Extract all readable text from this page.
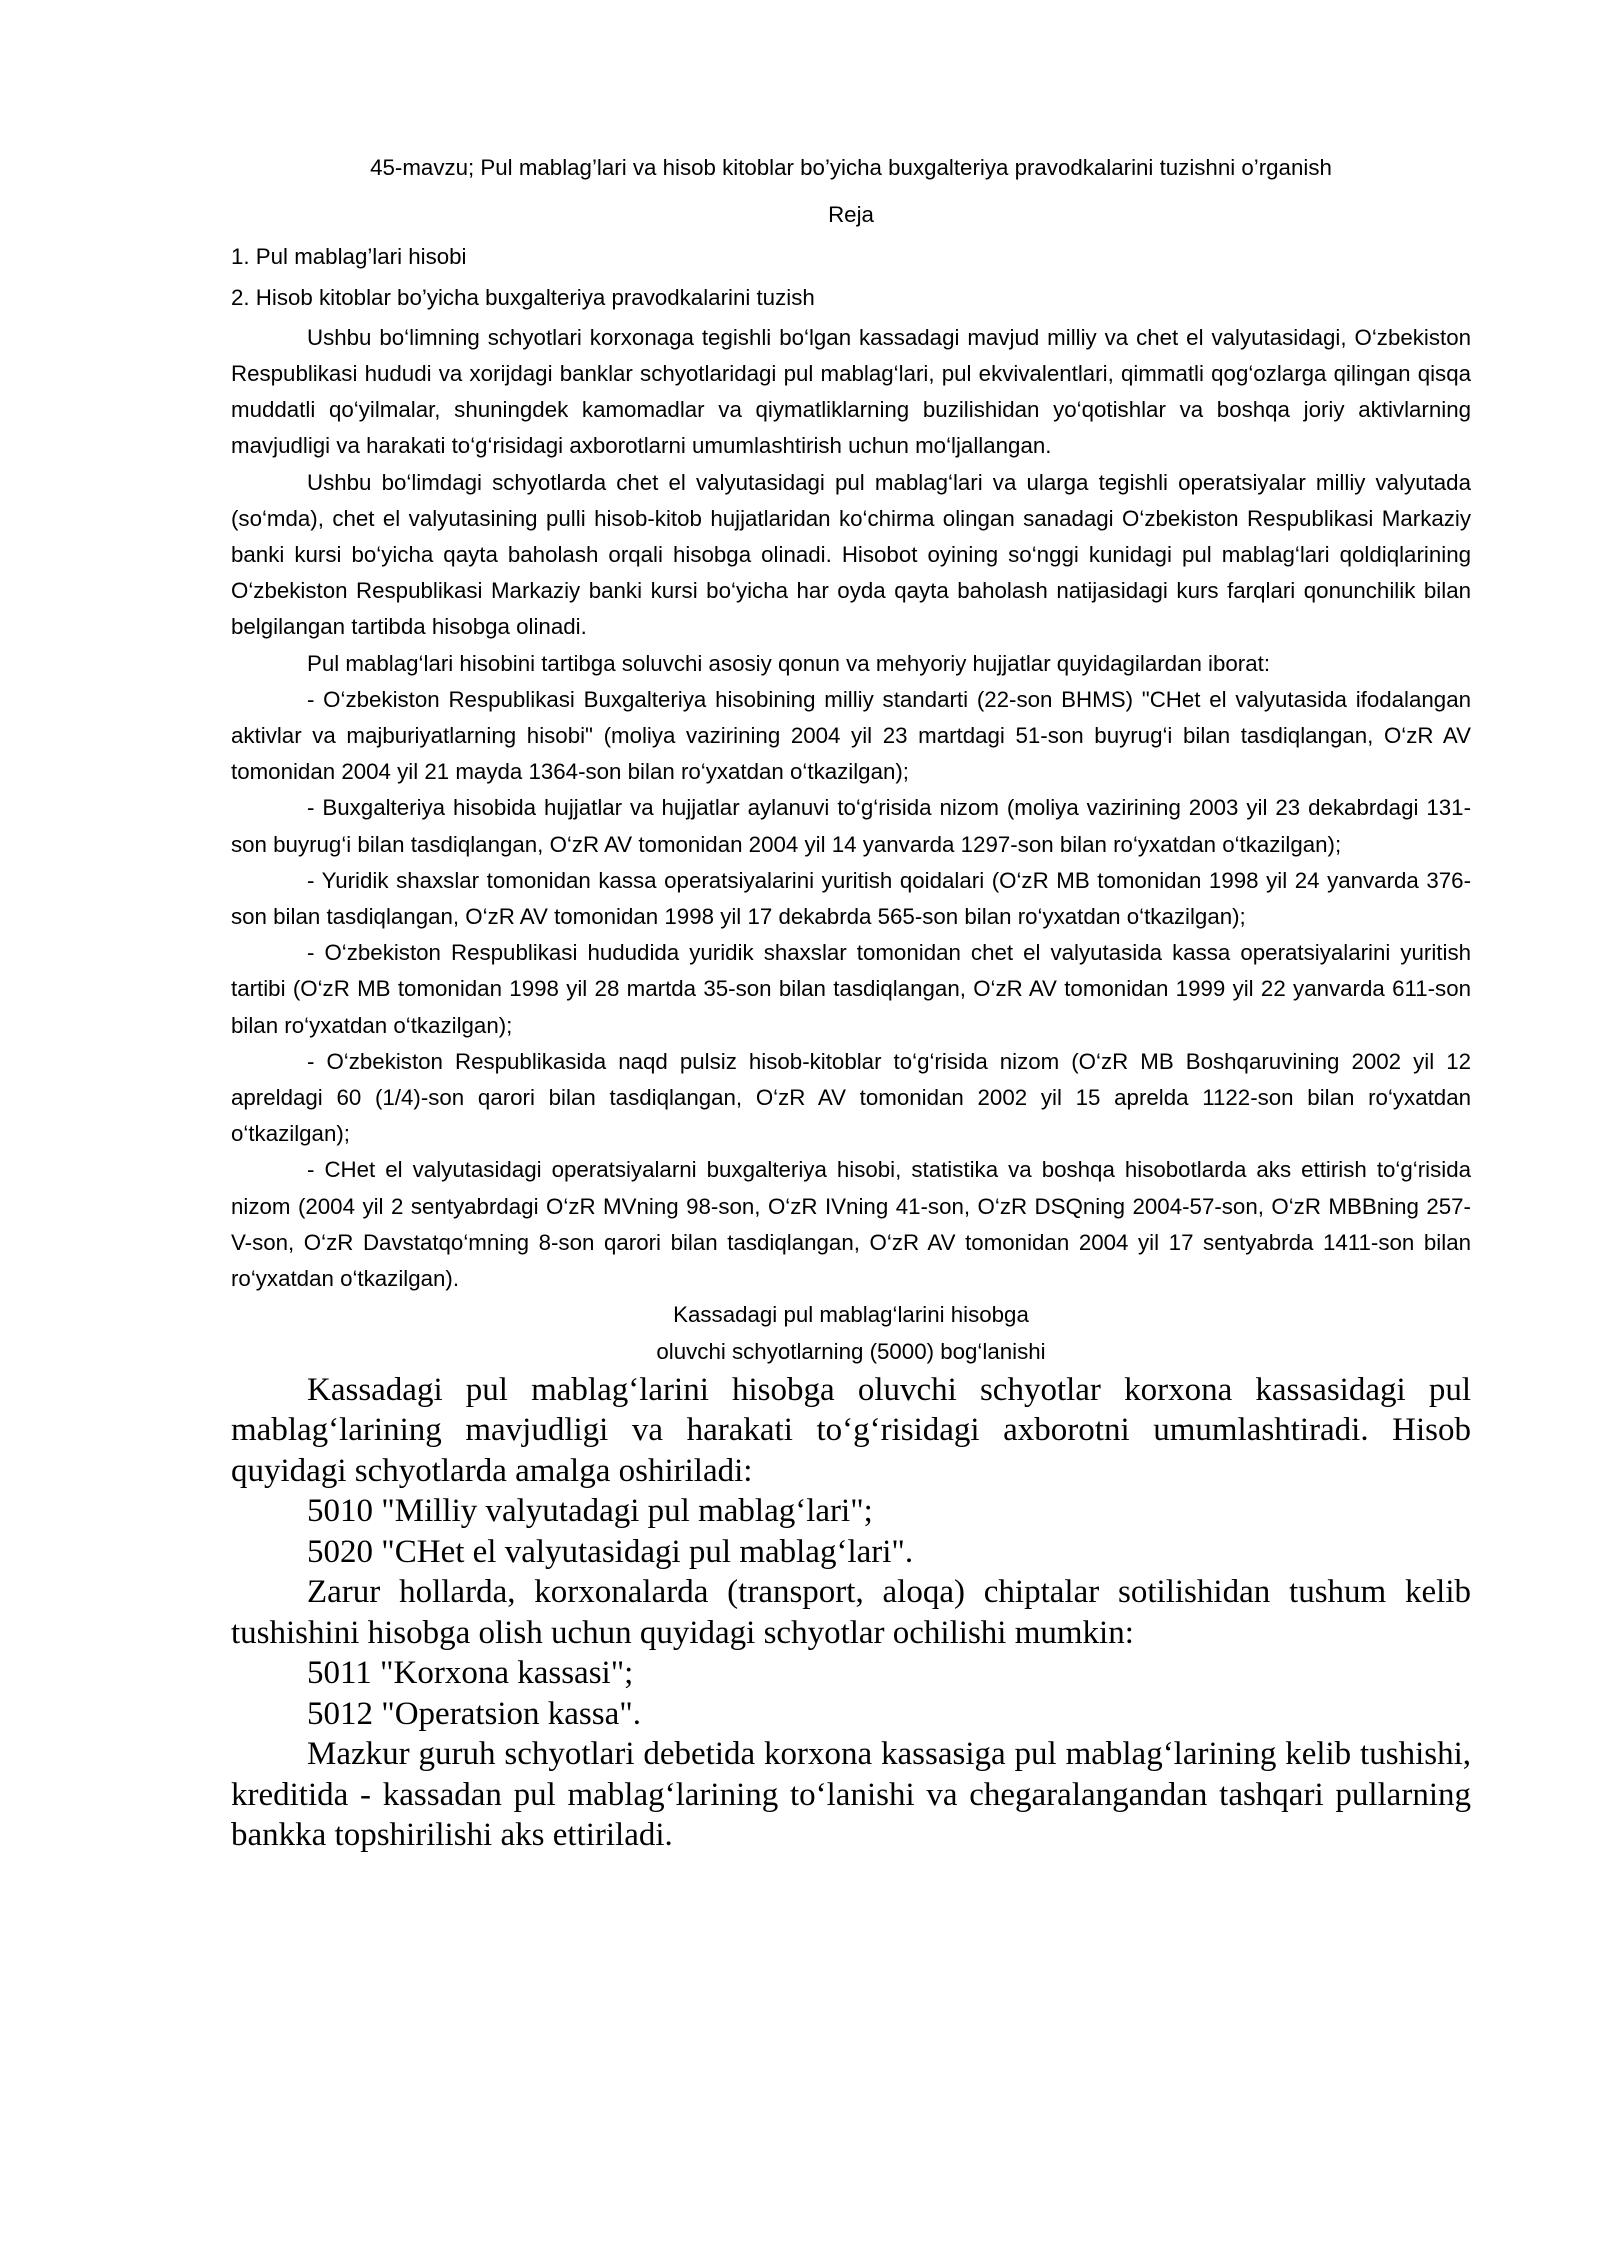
45-mavzu; Pul mablag’lari va hisob kitoblar bo’yicha buxgalteriya pravodkalarini tuzishni o’rganish

Reja

1. Pul mablag’lari hisobi

2. Hisob kitoblar bo’yicha buxgalteriya pravodkalarini tuzish

Ushbu bo‘limning schyotlari korxonaga tegishli bo‘lgan kassadagi mavjud milliy va chet el valyutasidagi, O‘zbekiston Respublikasi hududi va xorijdagi banklar schyotlaridagi pul mablag‘lari, pul ekvivalentlari, qimmatli qog‘ozlarga qilingan qisqa muddatli qo‘yilmalar, shuningdek kamomadlar va qiymatliklarning buzilishidan yo‘qotishlar va boshqa joriy aktivlarning mavjudligi va harakati to‘g‘risidagi axborotlarni umumlashtirish uchun mo‘ljallangan.

Ushbu bo‘limdagi schyotlarda chet el valyutasidagi pul mablag‘lari va ularga tegishli operatsiyalar milliy valyutada (so‘mda), chet el valyutasining pulli hisob-kitob hujjatlaridan ko‘chirma olingan sanadagi O‘zbekiston Respublikasi Markaziy banki kursi bo‘yicha qayta baholash orqali hisobga olinadi. Hisobot oyining so‘nggi kunidagi pul mablag‘lari qoldiqlarining O‘zbekiston Respublikasi Markaziy banki kursi bo‘yicha har oyda qayta baholash natijasidagi kurs farqlari qonunchilik bilan belgilangan tartibda hisobga olinadi.

Pul mablag‘lari hisobini tartibga soluvchi asosiy qonun va mehyoriy hujjatlar quyidagilardan iborat:

- O‘zbekiston Respublikasi Buxgalteriya hisobining milliy standarti (22-son BHMS) "CHet el valyutasida ifodalangan aktivlar va majburiyatlarning hisobi" (moliya vazirining 2004 yil 23 martdagi 51-son buyrug‘i bilan tasdiqlangan, O‘zR AV tomonidan 2004 yil 21 mayda 1364-son bilan ro‘yxatdan o‘tkazilgan);

- Buxgalteriya hisobida hujjatlar va hujjatlar aylanuvi to‘g‘risida nizom (moliya vazirining 2003 yil 23 dekabrdagi 131-son buyrug‘i bilan tasdiqlangan, O‘zR AV tomonidan 2004 yil 14 yanvarda 1297-son bilan ro‘yxatdan o‘tkazilgan);

- Yuridik shaxslar tomonidan kassa operatsiyalarini yuritish qoidalari (O‘zR MB tomonidan 1998 yil 24 yanvarda 376-son bilan tasdiqlangan, O‘zR AV tomonidan 1998 yil 17 dekabrda 565-son bilan ro‘yxatdan o‘tkazilgan);

- O‘zbekiston Respublikasi hududida yuridik shaxslar tomonidan chet el valyutasida kassa operatsiyalarini yuritish tartibi (O‘zR MB tomonidan 1998 yil 28 martda 35-son bilan tasdiqlangan, O‘zR AV tomonidan 1999 yil 22 yanvarda 611-son bilan ro‘yxatdan o‘tkazilgan);

- O‘zbekiston Respublikasida naqd pulsiz hisob-kitoblar to‘g‘risida nizom (O‘zR MB Boshqaruvining 2002 yil 12 apreldagi 60 (1/4)-son qarori bilan tasdiqlangan, O‘zR AV tomonidan 2002 yil 15 aprelda 1122-son bilan ro‘yxatdan o‘tkazilgan);

- CHet el valyutasidagi operatsiyalarni buxgalteriya hisobi, statistika va boshqa hisobotlarda aks ettirish to‘g‘risida nizom (2004 yil 2 sentyabrdagi O‘zR MVning 98-son, O‘zR IVning 41-son, O‘zR DSQning 2004-57-son, O‘zR MBBning 257-V-son, O‘zR Davstatqo‘mning 8-son qarori bilan tasdiqlangan, O‘zR AV tomonidan 2004 yil 17 sentyabrda 1411-son bilan ro‘yxatdan o‘tkazilgan).

Kassadagi pul mablag‘larini hisobga

oluvchi schyotlarning (5000) bog‘lanishi

Kassadagi pul mablag‘larini hisobga oluvchi schyotlar korxona kassasidagi pul mablag‘larining mavjudligi va harakati to‘g‘risidagi axborotni umumlashtiradi. Hisob quyidagi schyotlarda amalga oshiriladi:

5010 "Milliy valyutadagi pul mablag‘lari";

5020 "CHet el valyutasidagi pul mablag‘lari".

Zarur hollarda, korxonalarda (transport, aloqa) chiptalar sotilishidan tushum kelib tushishini hisobga olish uchun quyidagi schyotlar ochilishi mumkin:

5011 "Korxona kassasi";

5012 "Operatsion kassa".

Mazkur guruh schyotlari debetida korxona kassasiga pul mablag‘larining kelib tushishi, kreditida - kassadan pul mablag‘larining to‘lanishi va chegaralangandan tashqari pullarning bankka topshirilishi aks ettiriladi.
